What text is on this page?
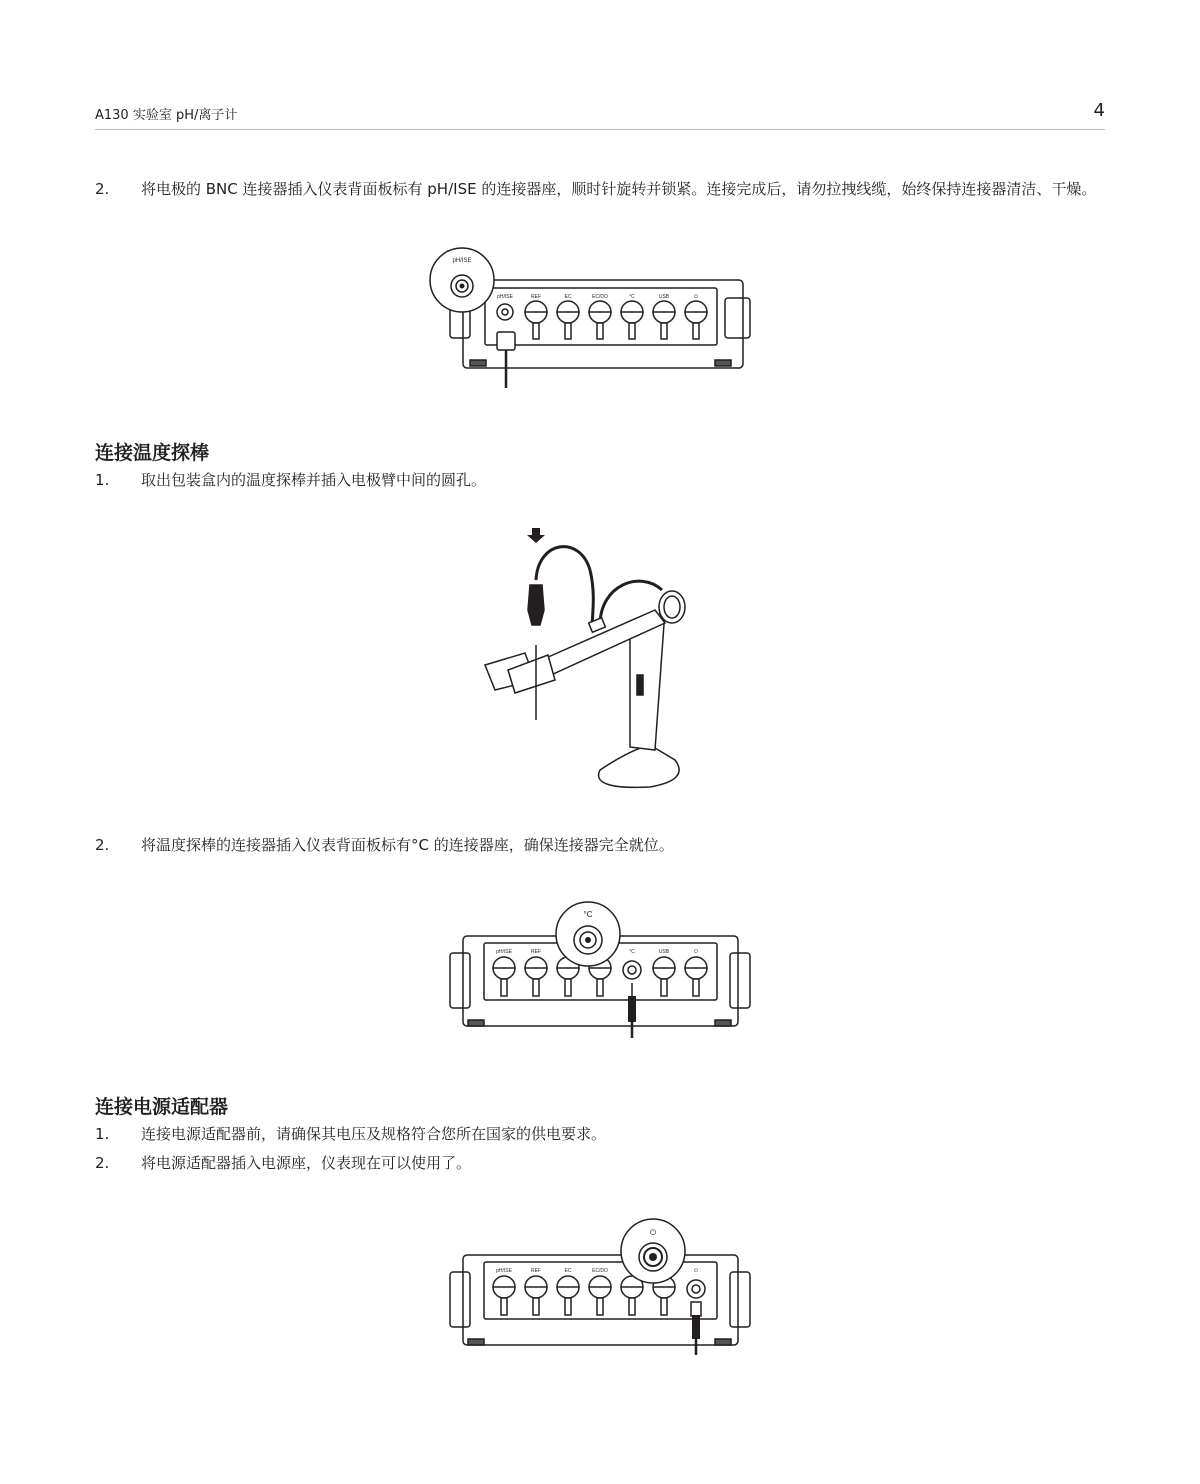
A130 实验室 pH/离子计	4
2. 将电极的 BNC 连接器插入仪表背面板标有 pH/ISE 的连接器座，顺时针旋转并锁紧。连接完成后，请勿拉拽线缆，始终保持连接器清洁、干燥。
pH/ISE	REF	EC	EC/DO	°C	USB	⏻
pH/ISE
连接温度探棒
1. 取出包装盒内的温度探棒并插入电极臂中间的圆孔。
2. 将温度探棒的连接器插入仪表背面板标有°C 的连接器座，确保连接器完全就位。
pH/ISE	REF	°C	USB	⏻
°C
连接电源适配器
1. 连接电源适配器前，请确保其电压及规格符合您所在国家的供电要求。
2. 将电源适配器插入电源座，仪表现在可以使用了。
pH/ISE	REF	EC	EC/DO	⏻
⏻
